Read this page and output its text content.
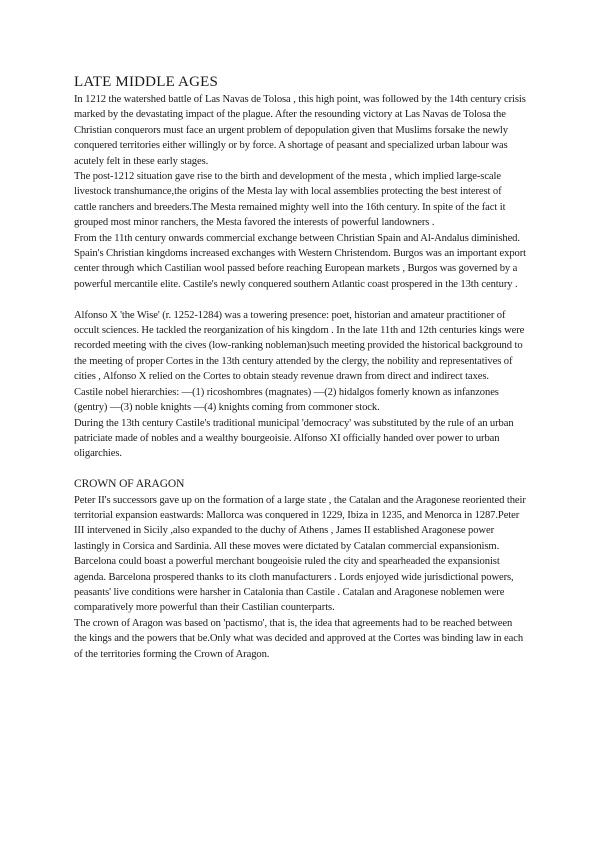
LATE MIDDLE AGES

In 1212 the watershed battle of Las Navas de Tolosa , this high point, was followed by the 14th century crisis marked by the devastating impact of the plague. After the resounding victory at Las Navas de Tolosa the Christian conquerors must face an urgent problem of depopulation given that Muslims forsake the newly conquered territories either willingly or by force. A shortage of peasant and specialized urban labour was acutely felt in these early stages.

The post-1212 situation gave rise to the birth and development of the mesta , which implied large-scale livestock transhumance,the origins of the Mesta lay with local assemblies protecting the best interest of cattle ranchers and breeders.The Mesta remained mighty well into the 16th century. In spite of the fact it grouped most minor ranchers, the Mesta favored the interests of powerful landowners .

From the 11th century onwards commercial exchange between Christian Spain and Al-Andalus diminished. Spain's Christian kingdoms increased exchanges with Western Christendom. Burgos was an important export center through which Castilian wool passed before reaching European markets , Burgos was governed by a powerful mercantile elite. Castile's newly conquered southern Atlantic coast prospered in the 13th century .

Alfonso X 'the Wise' (r. 1252-1284) was a towering presence: poet, historian and amateur practitioner of occult sciences. He tackled the reorganization of his kingdom . In the late 11th and 12th centuries kings were recorded meeting with the cives (low-ranking nobleman)such meeting provided the historical background to the meeting of proper Cortes in the 13th century attended by the clergy, the nobility and representatives of cities , Alfonso X relied on the Cortes to obtain steady revenue drawn from direct and indirect taxes.

Castile nobel hierarchies: —(1) ricoshombres (magnates) —(2) hidalgos fomerly known as infanzones (gentry) —(3) noble knights —(4) knights coming from commoner stock.

During the 13th century Castile's traditional municipal 'democracy' was substituted by the rule of an urban patriciate made of nobles and a wealthy bourgeoisie. Alfonso XI officially handed over power to urban oligarchies.

CROWN OF ARAGON

Peter II's successors gave up on the formation of a large state , the Catalan and the Aragonese reoriented their territorial expansion eastwards: Mallorca was conquered in 1229, Ibiza in 1235, and Menorca in 1287.Peter III intervened in Sicily ,also expanded to the duchy of Athens , James II established Aragonese power lastingly in Corsica and Sardinia. All these moves were dictated by Catalan commercial expansionism. Barcelona could boast a powerful merchant bougeoisie ruled the city and spearheaded the expansionist agenda. Barcelona prospered thanks to its cloth manufacturers . Lords enjoyed wide jurisdictional powers, peasants' live conditions were harsher in Catalonia than Castile . Catalan and Aragonese noblemen were comparatively more powerful than their Castilian counterparts.

The crown of Aragon was based on 'pactismo', that is, the idea that agreements had to be reached between the kings and the powers that be.Only what was decided and approved at the Cortes was binding law in each of the territories forming the Crown of Aragon.
